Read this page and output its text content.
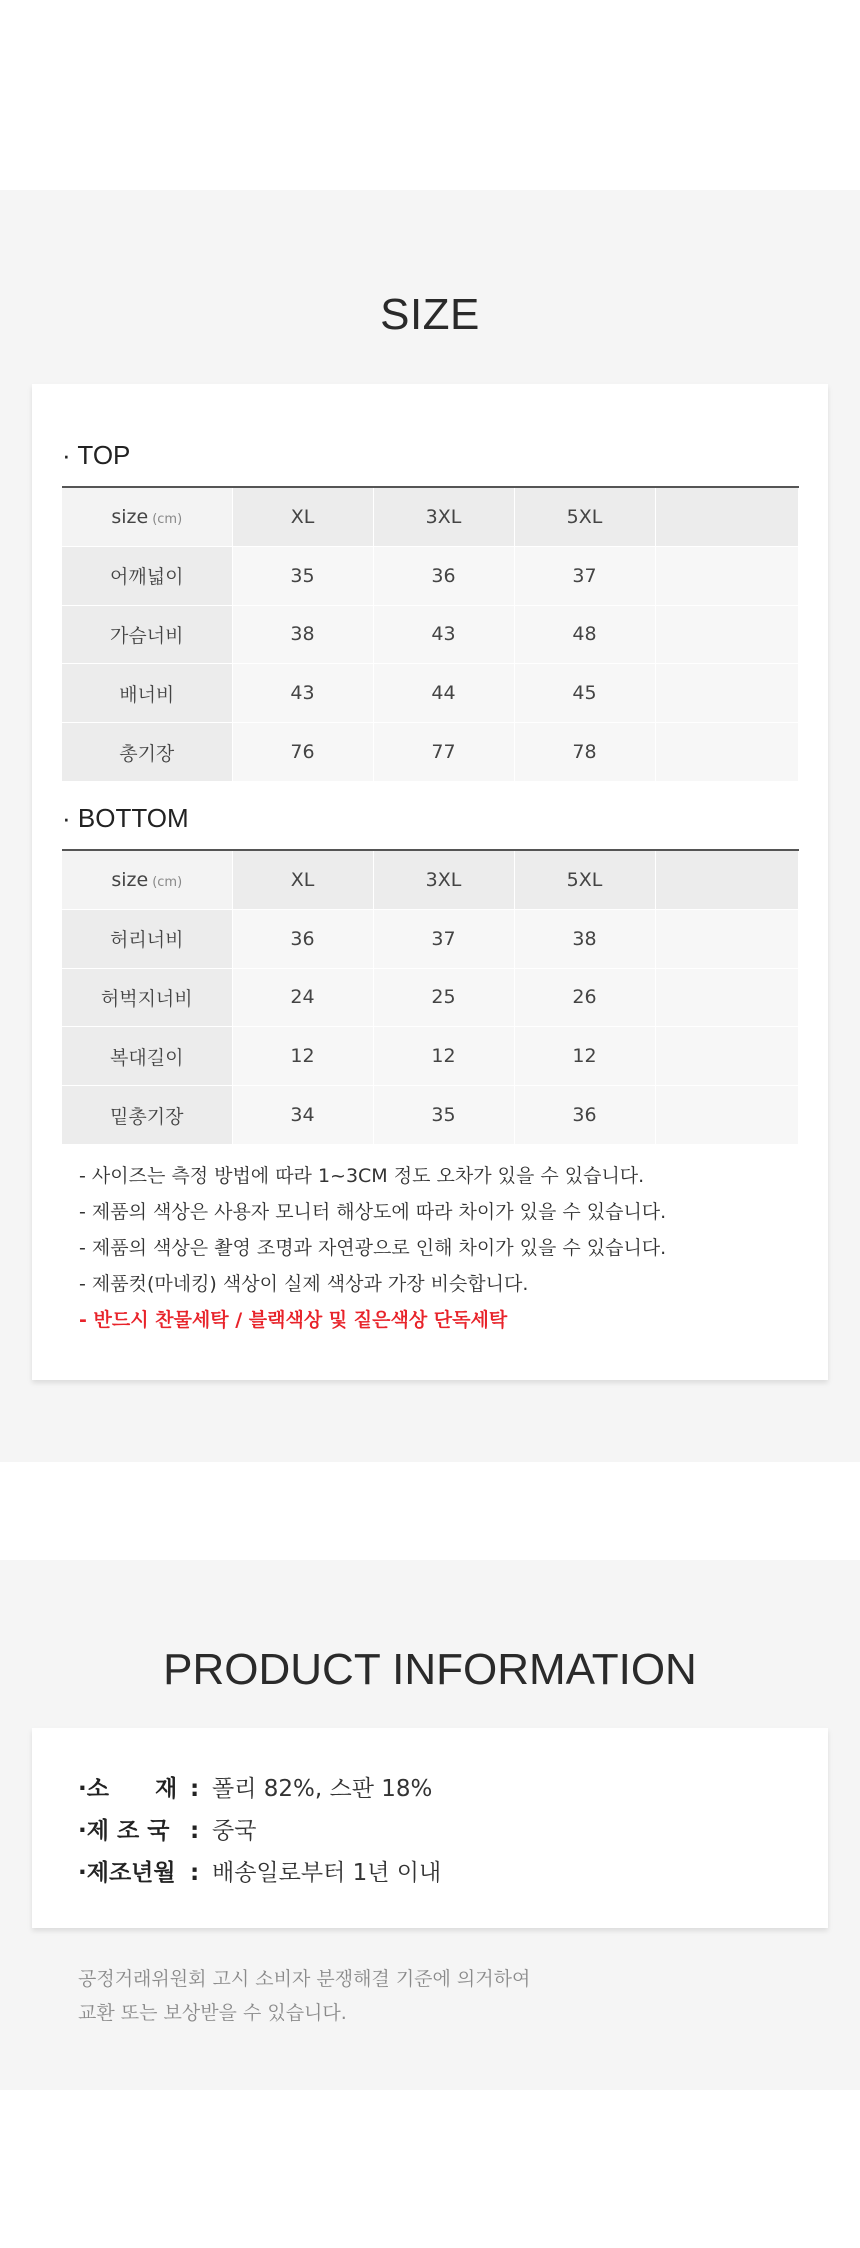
SIZE
· TOP
size (cm)	XL	3XL	5XL	
어깨넓이	35	36	37	
가슴너비	38	43	48	
배너비	43	44	45	
총기장	76	77	78	
· BOTTOM
size (cm)	XL	3XL	5XL	
허리너비	36	37	38	
허벅지너비	24	25	26	
복대길이	12	12	12	
밑총기장	34	35	36	
- 사이즈는 측정 방법에 따라 1~3CM 정도 오차가 있을 수 있습니다.
- 제품의 색상은 사용자 모니터 해상도에 따라 차이가 있을 수 있습니다.
- 제품의 색상은 촬영 조명과 자연광으로 인해 차이가 있을 수 있습니다.
- 제품컷(마네킹) 색상이 실제 색상과 가장 비슷합니다.
- 반드시 찬물세탁 / 블랙색상 및 짙은색상 단독세탁
PRODUCT INFORMATION
·소　　재 : 폴리 82%, 스판 18%
·제 조 국 : 중국
·제조년월 : 배송일로부터 1년 이내
공정거래위원회 고시 소비자 분쟁해결 기준에 의거하여
교환 또는 보상받을 수 있습니다.
